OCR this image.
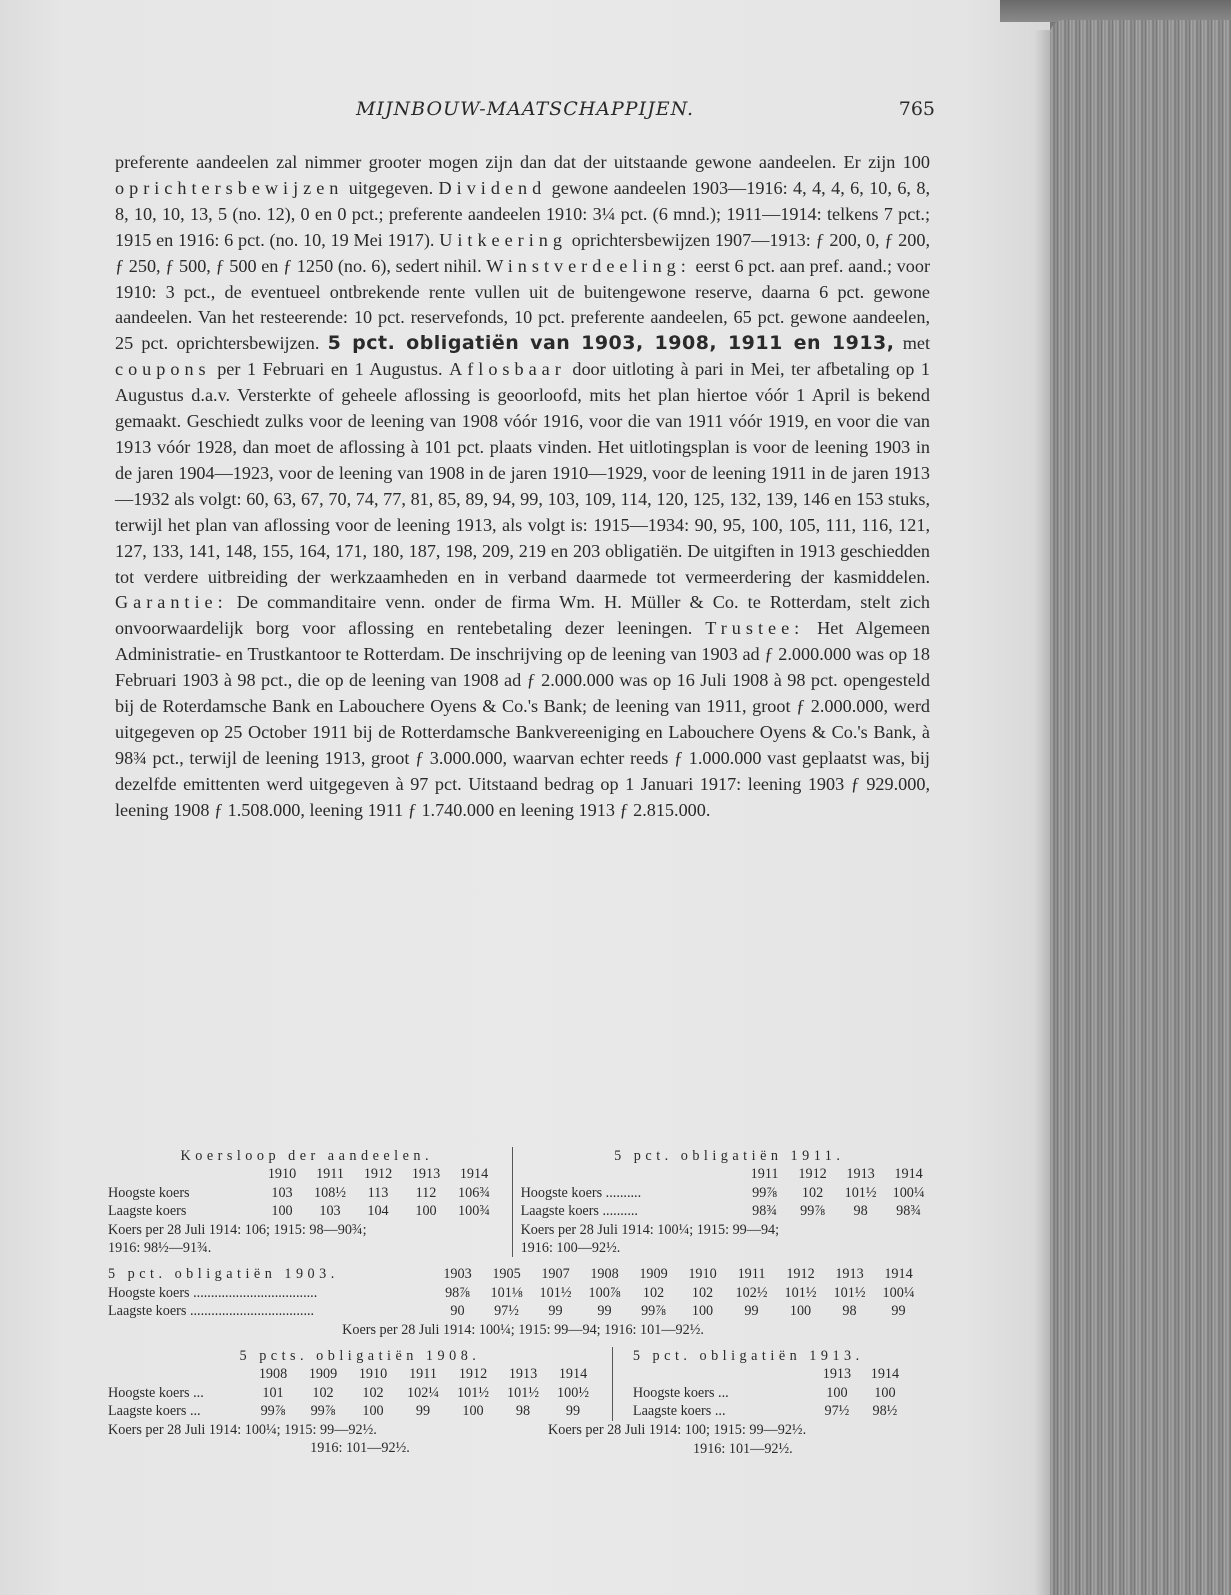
MIJNBOUW-MAATSCHAPPIJEN.	765

preferente aandeelen zal nimmer grooter mogen zijn dan dat der uitstaande gewone aandeelen. Er zijn 100 oprichtersbewijzen uitgegeven. Dividend gewone aandeelen 1903—1916: 4, 4, 4, 6, 10, 6, 8, 8, 10, 10, 13, 5 (no. 12), 0 en 0 pct.; preferente aandeelen 1910: 3¼ pct. (6 mnd.); 1911—1914: telkens 7 pct.; 1915 en 1916: 6 pct. (no. 10, 19 Mei 1917). Uitkeering oprichtersbewijzen 1907—1913: ƒ 200, 0, ƒ 200, ƒ 250, ƒ 500, ƒ 500 en ƒ 1250 (no. 6), sedert nihil. Winstverdeeling: eerst 6 pct. aan pref. aand.; voor 1910: 3 pct., de eventueel ontbrekende rente vullen uit de buitengewone reserve, daarna 6 pct. gewone aandeelen. Van het resteerende: 10 pct. reservefonds, 10 pct. preferente aandeelen, 65 pct. gewone aandeelen, 25 pct. oprichtersbewijzen. 5 pct. obligatiën van 1903, 1908, 1911 en 1913, met coupons per 1 Februari en 1 Augustus. Aflosbaar door uitloting à pari in Mei, ter afbetaling op 1 Augustus d.a.v. Versterkte of geheele aflossing is geoorloofd, mits het plan hiertoe vóór 1 April is bekend gemaakt. Geschiedt zulks voor de leening van 1908 vóór 1916, voor die van 1911 vóór 1919, en voor die van 1913 vóór 1928, dan moet de aflossing à 101 pct. plaats vinden. Het uitlotingsplan is voor de leening 1903 in de jaren 1904—1923, voor de leening van 1908 in de jaren 1910—1929, voor de leening 1911 in de jaren 1913—1932 als volgt: 60, 63, 67, 70, 74, 77, 81, 85, 89, 94, 99, 103, 109, 114, 120, 125, 132, 139, 146 en 153 stuks, terwijl het plan van aflossing voor de leening 1913, als volgt is: 1915—1934: 90, 95, 100, 105, 111, 116, 121, 127, 133, 141, 148, 155, 164, 171, 180, 187, 198, 209, 219 en 203 obligatiën. De uitgiften in 1913 geschiedden tot verdere uitbreiding der werkzaamheden en in verband daarmede tot vermeerdering der kasmiddelen. Garantie: De commanditaire venn. onder de firma Wm. H. Müller & Co. te Rotterdam, stelt zich onvoorwaardelijk borg voor aflossing en rentebetaling dezer leeningen. Trustee: Het Algemeen Administratie- en Trustkantoor te Rotterdam. De inschrijving op de leening van 1903 ad ƒ 2.000.000 was op 18 Februari 1903 à 98 pct., die op de leening van 1908 ad ƒ 2.000.000 was op 16 Juli 1908 à 98 pct. opengesteld bij de Roterdamsche Bank en Labouchere Oyens & Co.'s Bank; de leening van 1911, groot ƒ 2.000.000, werd uitgegeven op 25 October 1911 bij de Rotterdamsche Bankvereeniging en Labouchere Oyens & Co.'s Bank, à 98¾ pct., terwijl de leening 1913, groot ƒ 3.000.000, waarvan echter reeds ƒ 1.000.000 vast geplaatst was, bij dezelfde emittenten werd uitgegeven à 97 pct. Uitstaand bedrag op 1 Januari 1917: leening 1903 ƒ 929.000, leening 1908 ƒ 1.508.000, leening 1911 ƒ 1.740.000 en leening 1913 ƒ 2.815.000.

Koersloop der aandeelen.
1910	1911	1912	1913	1914
Hoogste koers	103	108½	113	112	106¾
Laagste koers	100	103	104	100	100¾
Koers per 28 Juli 1914: 106; 1915: 98—90¾;
1916: 98½—91¾.
5 pct. obligatiën 1911.
1911	1912	1913	1914
Hoogste koers ..........	99⅞	102	101½	100¼
Laagste koers ..........	98¾	99⅞	98	98¾
Koers per 28 Juli 1914: 100¼; 1915: 99—94;
1916: 100—92½.
5 pct. obligatiën 1903.	1903	1905	1907	1908	1909	1910	1911	1912	1913	1914
Hoogste koers ...................................	98⅞	101⅛	101½	100⅞	102	102	102½	101½	101½	100¼
Laagste koers ...................................	90	97½	99	99	99⅞	100	99	100	98	99
Koers per 28 Juli 1914: 100¼; 1915: 99—94; 1916: 101—92½.
5 pcts. obligatiën 1908.
1908	1909	1910	1911	1912	1913	1914
Hoogste koers ...	101	102	102	102¼	101½	101½	100½
Laagste koers ...	99⅞	99⅞	100	99	100	98	99
Koers per 28 Juli 1914: 100¼; 1915: 99—92½.
1916: 101—92½.
5 pct. obligatiën 1913.
1913	1914
Hoogste koers ...	100	100
Laagste koers ...	97½	98½
Koers per 28 Juli 1914: 100; 1915: 99—92½.
1916: 101—92½.
